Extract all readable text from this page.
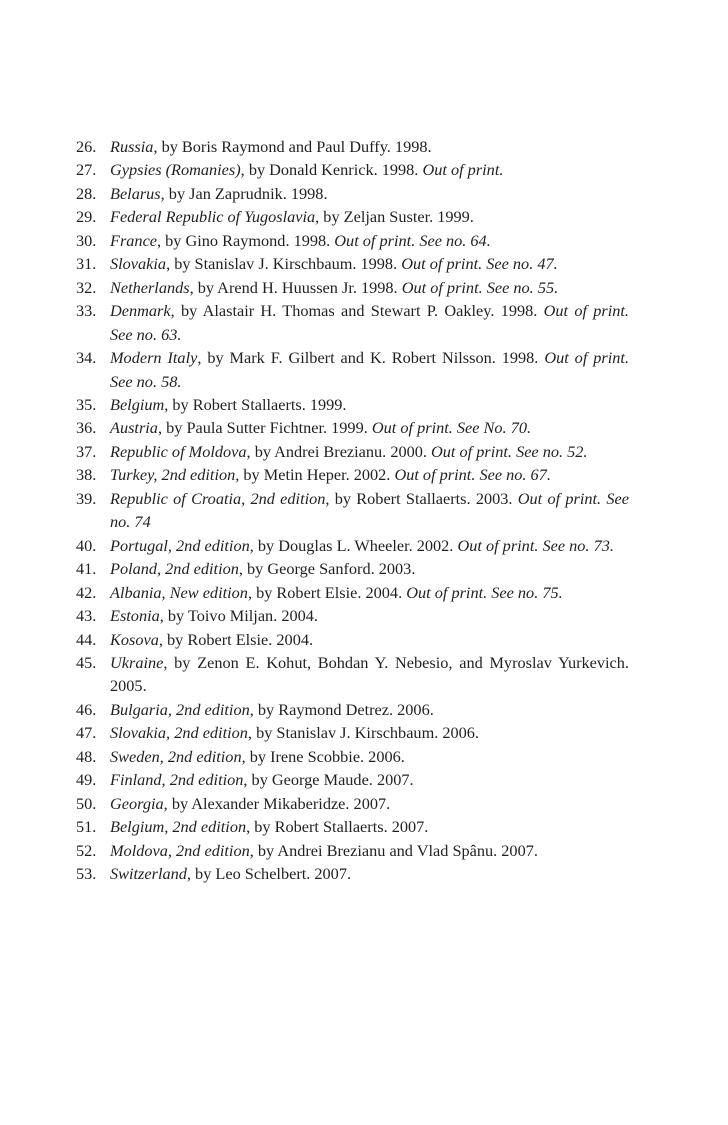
26. Russia, by Boris Raymond and Paul Duffy. 1998.
27. Gypsies (Romanies), by Donald Kenrick. 1998. Out of print.
28. Belarus, by Jan Zaprudnik. 1998.
29. Federal Republic of Yugoslavia, by Zeljan Suster. 1999.
30. France, by Gino Raymond. 1998. Out of print. See no. 64.
31. Slovakia, by Stanislav J. Kirschbaum. 1998. Out of print. See no. 47.
32. Netherlands, by Arend H. Huussen Jr. 1998. Out of print. See no. 55.
33. Denmark, by Alastair H. Thomas and Stewart P. Oakley. 1998. Out of print. See no. 63.
34. Modern Italy, by Mark F. Gilbert and K. Robert Nilsson. 1998. Out of print. See no. 58.
35. Belgium, by Robert Stallaerts. 1999.
36. Austria, by Paula Sutter Fichtner. 1999. Out of print. See No. 70.
37. Republic of Moldova, by Andrei Brezianu. 2000. Out of print. See no. 52.
38. Turkey, 2nd edition, by Metin Heper. 2002. Out of print. See no. 67.
39. Republic of Croatia, 2nd edition, by Robert Stallaerts. 2003. Out of print. See no. 74
40. Portugal, 2nd edition, by Douglas L. Wheeler. 2002. Out of print. See no. 73.
41. Poland, 2nd edition, by George Sanford. 2003.
42. Albania, New edition, by Robert Elsie. 2004. Out of print. See no. 75.
43. Estonia, by Toivo Miljan. 2004.
44. Kosova, by Robert Elsie. 2004.
45. Ukraine, by Zenon E. Kohut, Bohdan Y. Nebesio, and Myroslav Yurkevich. 2005.
46. Bulgaria, 2nd edition, by Raymond Detrez. 2006.
47. Slovakia, 2nd edition, by Stanislav J. Kirschbaum. 2006.
48. Sweden, 2nd edition, by Irene Scobbie. 2006.
49. Finland, 2nd edition, by George Maude. 2007.
50. Georgia, by Alexander Mikaberidze. 2007.
51. Belgium, 2nd edition, by Robert Stallaerts. 2007.
52. Moldova, 2nd edition, by Andrei Brezianu and Vlad Spânu. 2007.
53. Switzerland, by Leo Schelbert. 2007.
